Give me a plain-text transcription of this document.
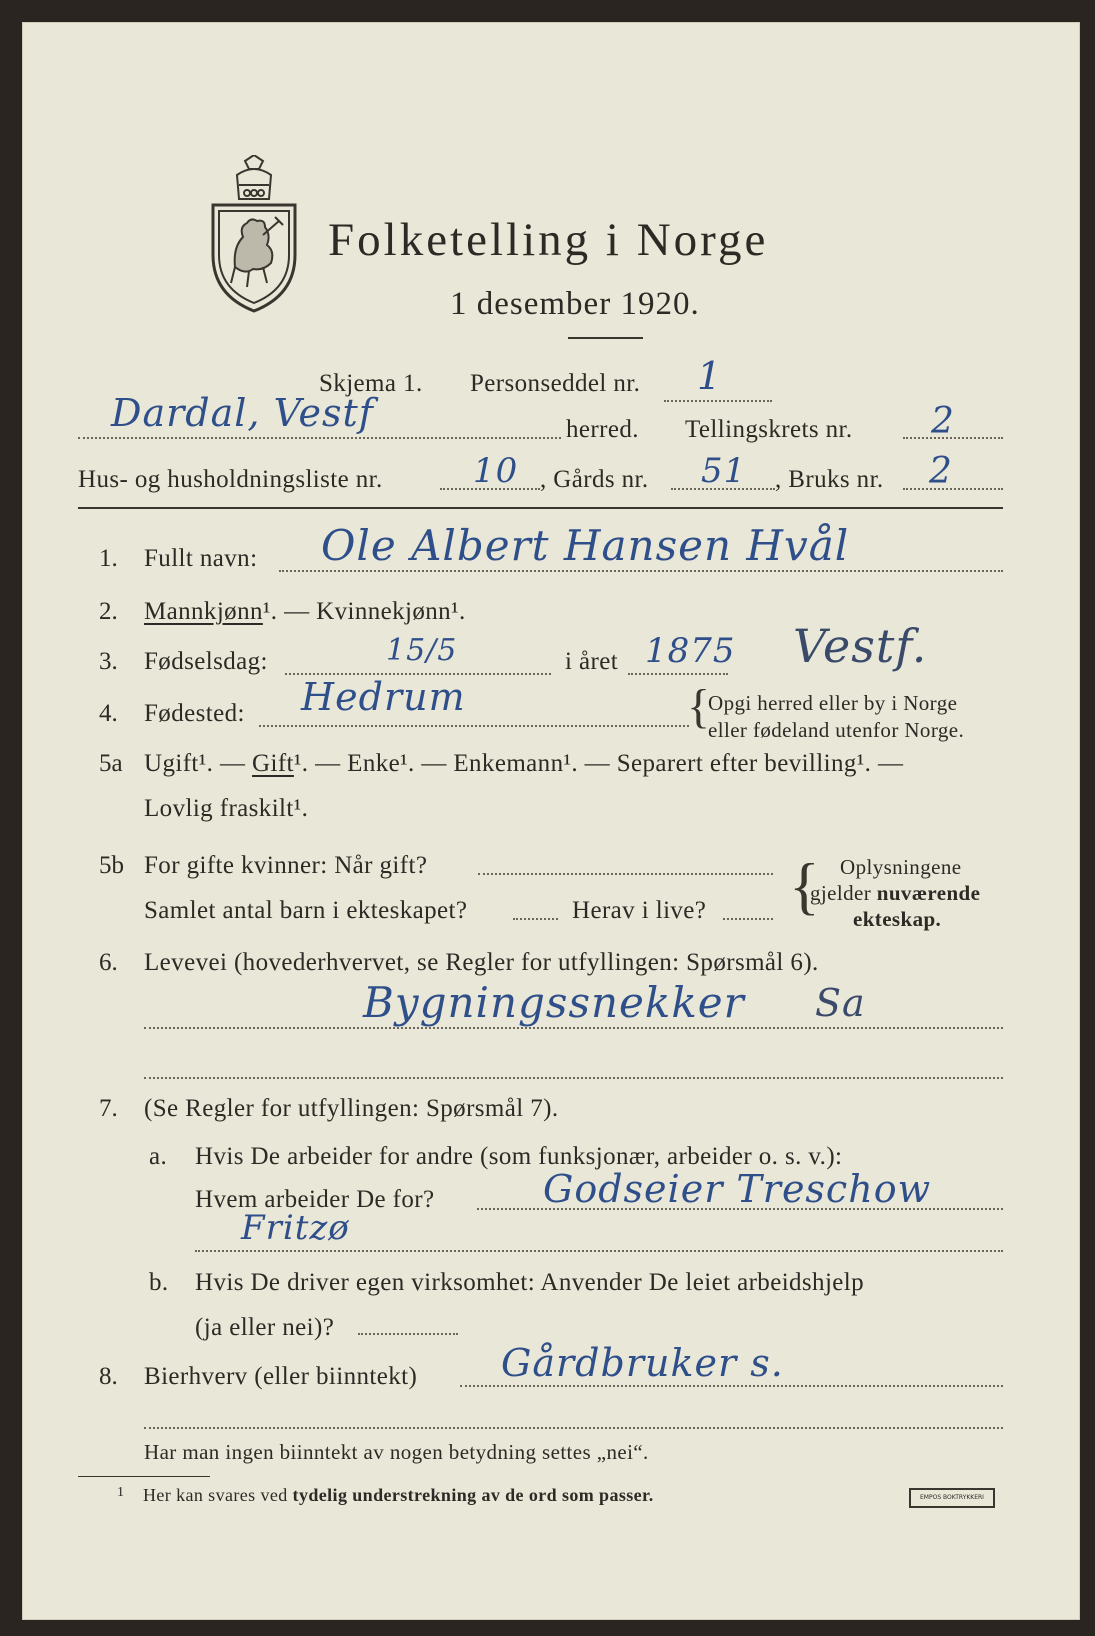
Folketelling i Norge
1 desember 1920.
Skjema 1. Personseddel nr. 1
Dardal, Vestf	herred. Tellingskrets nr. 2
Hus- og husholdningsliste nr.	10 , Gårds nr. 51 , Bruks nr. 2
1. Fullt navn: Ole Albert Hansen Hvål
2. Mannkjønn¹. — Kvinnekjønn¹.
3. Fødselsdag:	15/5	i året 1875 Vestf.
4. Fødested: Hedrum	{
Opgi herred eller by i Norge
eller fødeland utenfor Norge.
5a Ugift¹. — Gift¹. — Enke¹. — Enkemann¹. — Separert efter bevilling¹. —
Lovlig fraskilt¹.
5b For gifte kvinner: Når gift?
Samlet antal barn i ekteskapet?	Herav i live? { Oplysningene
gjelder nuværende
ekteskap.
6. Levevei (hovederhvervet, se Regler for utfyllingen: Spørsmål 6).
Bygningssnekker Sa
7. (Se Regler for utfyllingen: Spørsmål 7).
a. Hvis De arbeider for andre (som funksjonær, arbeider o. s. v.):
Hvem arbeider De for?	Godseier Treschow
Fritzø
b. Hvis De driver egen virksomhet: Anvender De leiet arbeidshjelp
(ja eller nei)?
8. Bierhverv (eller biinntekt) Gårdbruker s.
Har man ingen biinntekt av nogen betydning settes „nei“.
1 Her kan svares ved tydelig understrekning av de ord som passer.	EMPOS BOKTRYKKERI
